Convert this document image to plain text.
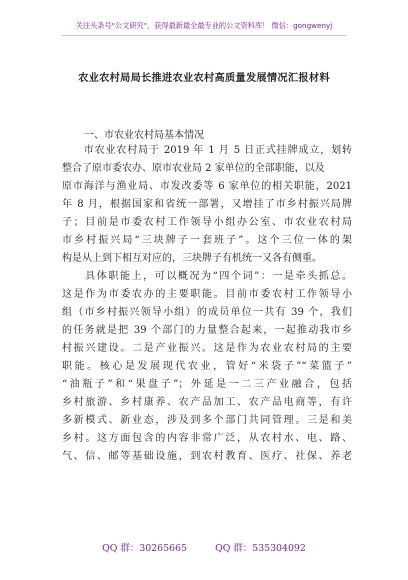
关注头条号"公文研究"，获得最新最全最专业的公文资料库！ 微信：gongwenyj
农业农村局局长推进农业农村高质量发展情况汇报材料
一、市农业农村局基本情况
　　市农业农村局于 2019 年 1 月 5 日正式挂牌成立，划转
整合了原市委农办、原市农业局 2 家单位的全部职能，以及
原市海洋与渔业局、市发改委等 6 家单位的相关职能，2021
年 8 月，根据国家和省统一部署，又增挂了市乡村振兴局牌
子；目前是市委农村工作领导小组办公室、市农业农村局
市乡村振兴局“三块牌子一套班子”。这个三位一体的架
构是从上到下相互对应的，三块牌子有机统一又各有侧重。
　　具体职能上，可以概况为“四个词”：一是牵头抓总。
这是作为市委农办的主要职能。目前市委农村工作领导小
组（市乡村振兴领导小组）的成员单位一共有 39 个，我们
的任务就是把 39 个部门的力量整合起来，一起推动我市乡
村振兴建设。二是产业振兴。这是作为农业农村局的主要
职能。核心是发展现代农业，管好“米袋子”“菜篮子”
“油瓶子”和“果盘子”；外延是一二三产业融合，包括
乡村旅游、乡村康养、农产品加工、农产品电商等，有许
多新模式、新业态，涉及到多个部门共同管理。三是和美
乡村。这方面包含的内容非常广泛，从农村水、电、路、
气、信、邮等基础设施，到农村教育、医疗、社保、养老
QQ 群：30265665　　　QQ 群：535304092
